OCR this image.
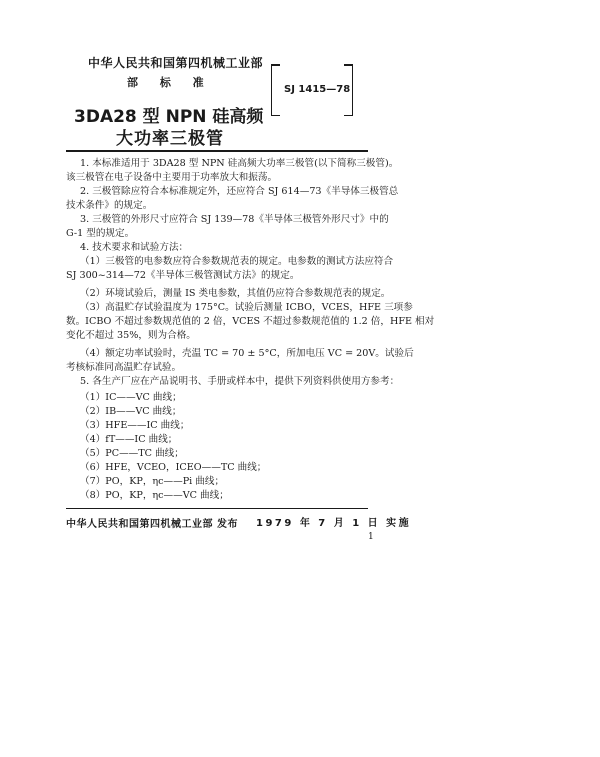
中华人民共和国第四机械工业部
部 标 准
SJ 1415—78
3DA28 型 NPN 硅高频
大功率三极管
1. 本标准适用于 3DA28 型 NPN 硅高频大功率三极管(以下简称三极管)。
该三极管在电子设备中主要用于功率放大和振荡。
2. 三极管除应符合本标准规定外，还应符合 SJ 614—73《半导体三极管总
技术条件》的规定。
3. 三极管的外形尺寸应符合 SJ 139—78《半导体三极管外形尺寸》中的
G-1 型的规定。
4. 技术要求和试验方法：
（1）三极管的电参数应符合参数规范表的规定。电参数的测试方法应符合
SJ 300~314—72《半导体三极管测试方法》的规定。
（2）环境试验后，测量 IS 类电参数，其值仍应符合参数规范表的规定。
（3）高温贮存试验温度为 175°C。试验后测量 ICBO，VCES，HFE 三项参
数。ICBO 不超过参数规范值的 2 倍，VCES 不超过参数规范值的 1.2 倍，HFE 相对
变化不超过 35%，则为合格。
（4）额定功率试验时，壳温 TC = 70 ± 5°C，所加电压 VC = 20V。试验后
考核标准同高温贮存试验。
5. 各生产厂应在产品说明书、手册或样本中，提供下列资料供使用方参考：
（1）IC——VC 曲线；
（2）IB——VC 曲线；
（3）HFE——IC 曲线；
（4）fT——IC 曲线；
（5）PC——TC 曲线；
（6）HFE，VCEO，ICEO——TC 曲线；
（7）PO，KP，ηc——Pi 曲线；
（8）PO，KP，ηc——VC 曲线；
中华人民共和国第四机械工业部 发布 1979 年 7 月 1 日 实施
1
